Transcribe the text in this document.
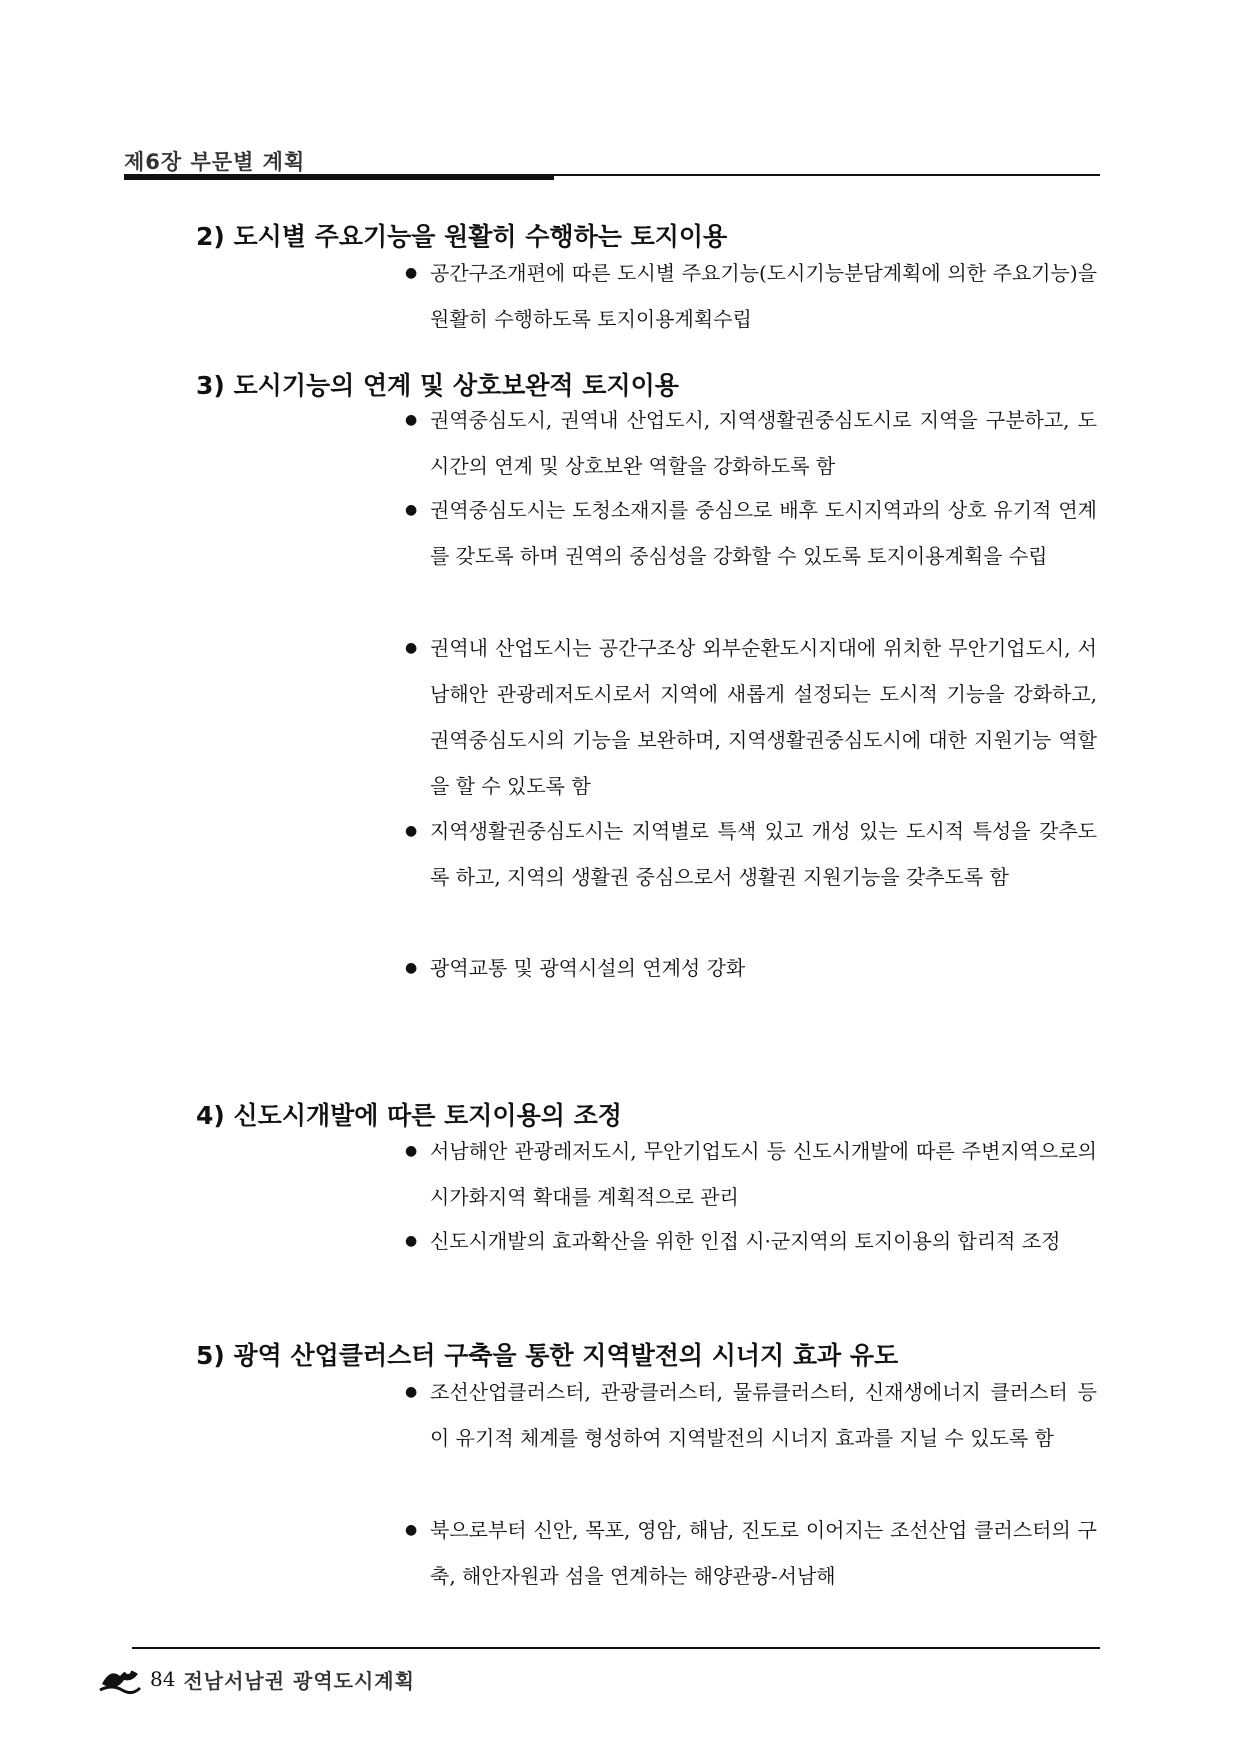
제6장 부문별 계획
2) 도시별 주요기능을 원활히 수행하는 토지이용
● 공간구조개편에 따른 도시별 주요기능(도시기능분담계획에 의한 주요기능)을 원활히 수행하도록 토지이용계획수립
3) 도시기능의 연계 및 상호보완적 토지이용
● 권역중심도시, 권역내 산업도시, 지역생활권중심도시로 지역을 구분하고, 도시간의 연계 및 상호보완 역할을 강화하도록 함
● 권역중심도시는 도청소재지를 중심으로 배후 도시지역과의 상호 유기적 연계를 갖도록 하며 권역의 중심성을 강화할 수 있도록 토지이용계획을 수립
● 권역내 산업도시는 공간구조상 외부순환도시지대에 위치한 무안기업도시, 서남해안 관광레저도시로서 지역에 새롭게 설정되는 도시적 기능을 강화하고, 권역중심도시의 기능을 보완하며, 지역생활권중심도시에 대한 지원기능 역할을 할 수 있도록 함
● 지역생활권중심도시는 지역별로 특색 있고 개성 있는 도시적 특성을 갖추도록 하고, 지역의 생활권 중심으로서 생활권 지원기능을 갖추도록 함
● 광역교통 및 광역시설의 연계성 강화
4) 신도시개발에 따른 토지이용의 조정
● 서남해안 관광레저도시, 무안기업도시 등 신도시개발에 따른 주변지역으로의 시가화지역 확대를 계획적으로 관리
● 신도시개발의 효과확산을 위한 인접 시·군지역의 토지이용의 합리적 조정
5) 광역 산업클러스터 구축을 통한 지역발전의 시너지 효과 유도
● 조선산업클러스터, 관광클러스터, 물류클러스터, 신재생에너지 클러스터 등이 유기적 체계를 형성하여 지역발전의 시너지 효과를 지닐 수 있도록 함
● 북으로부터 신안, 목포, 영암, 해남, 진도로 이어지는 조선산업 클러스터의 구축, 해안자원과 섬을 연계하는 해양관광-서남해
84 전남서남권 광역도시계획
